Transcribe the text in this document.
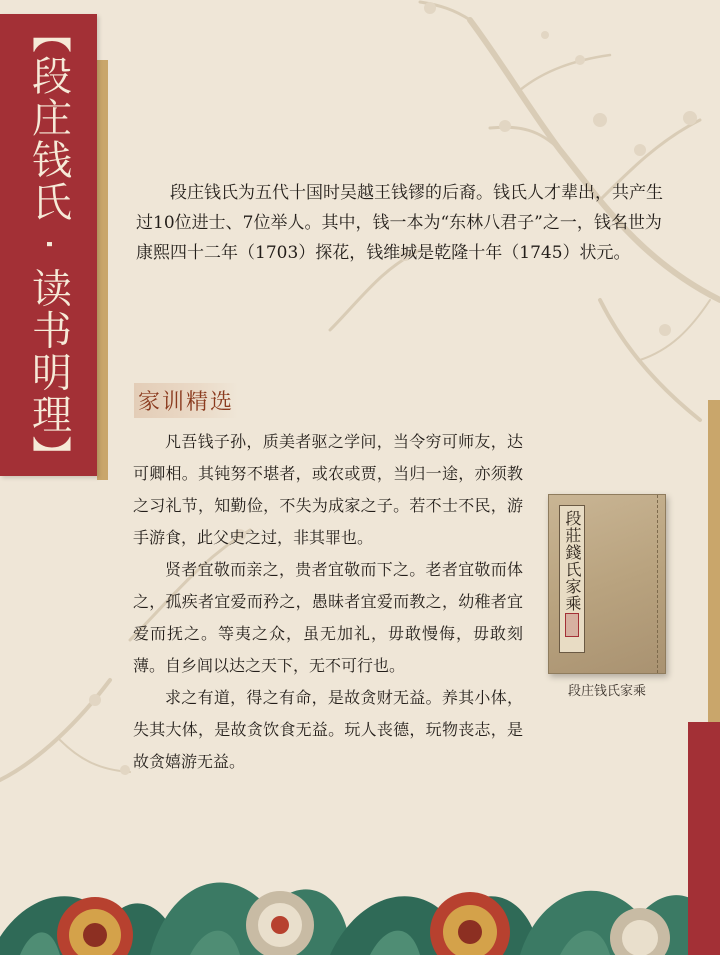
【段庄钱氏 · 读书明理】	段庄钱氏为五代十国时吴越王钱镠的后裔。钱氏人才辈出，共产生过10位进士、7位举人。其中，钱一本为“东林八君子”之一，钱名世为康熙四十二年（1703）探花，钱维城是乾隆十年（1745）状元。

家训精选

凡吾钱子孙，质美者驱之学问，当令穷可师友，达可卿相。其钝努不堪者，或农或贾，当归一途，亦须教之习礼节，知勤俭，不失为成家之子。若不士不民，游手游食，此父史之过，非其罪也。

贤者宜敬而亲之，贵者宜敬而下之。老者宜敬而体之，孤疾者宜爱而矜之，愚昧者宜爱而教之，幼稚者宜爱而抚之。等夷之众，虽无加礼，毋敢慢侮，毋敢刻薄。自乡闾以达之天下，无不可行也。

求之有道，得之有命，是故贪财无益。养其小体，失其大体，是故贪饮食无益。玩人丧德，玩物丧志，是故贪嬉游无益。

段莊錢氏家乘
段庄钱氏家乘
